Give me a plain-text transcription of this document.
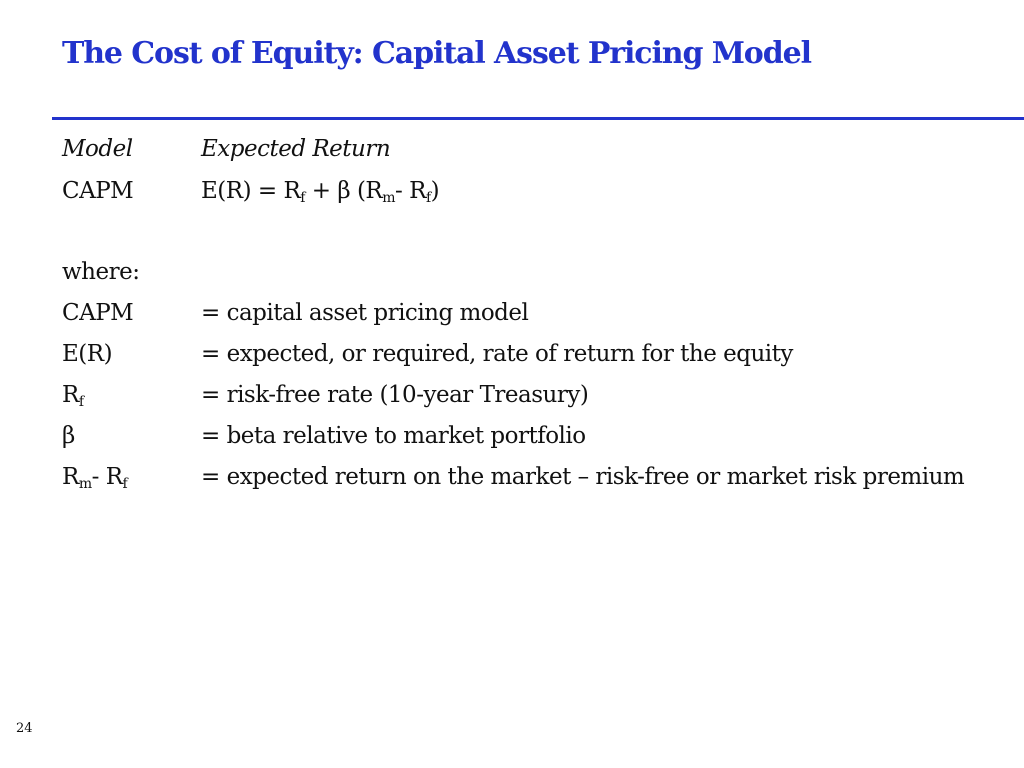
The Cost of Equity: Capital Asset Pricing Model
Model	Expected Return
CAPM	$E(R) = R_f + \beta$ ($R_m-$ $R_f$)
where:
CAPM	= capital asset pricing model
E(R)	= expected, or required, rate of return for the equity
$R_f$	= risk-free rate (10-year Treasury)
β	= beta relative to market portfolio
$R_m-$ $R_f$	= expected return on the market – risk-free or market risk premium
24
